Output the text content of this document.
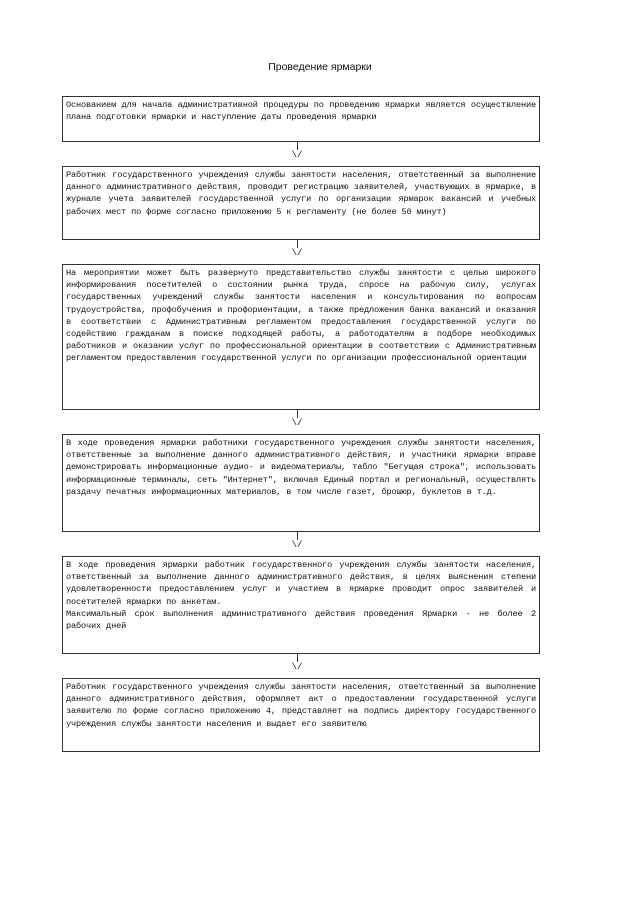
Проведение ярмарки
Основанием для начала административной процедуры по проведению ярмарки является осуществление плана подготовки ярмарки и наступление даты проведения ярмарки
\/
Работник государственного учреждения службы занятости населения, ответственный за выполнение данного административного действия, проводит регистрацию заявителей, участвующих в ярмарке, в журнале учета заявителей государственной услуги по организации ярмарок вакансий и учебных рабочих мест по форме согласно приложению 5 к регламенту (не более 50 минут)
\/
На мероприятии может быть развернуто представительство службы занятости с целью широкого информирования посетителей о состоянии рынка труда, спросе на рабочую силу, услугах государственных учреждений службы занятости населения и консультирования по вопросам трудоустройства, профобучения и профориентации, а также предложения банка вакансий и оказания в соответствии с Административным регламентом предоставления государственной услуги по содействию гражданам в поиске подходящей работы, а работодателям в подборе необходимых работников и оказании услуг по профессиональной ориентации в соответствии с Административным регламентом предоставления государственной услуги по организации профессиональной ориентации
\/
В ходе проведения ярмарки работники государственного учреждения службы занятости населения, ответственные за выполнение данного административного действия, и участники ярмарки вправе демонстрировать информационные аудио- и видеоматериалы, табло "Бегущая строка", использовать информационные терминалы, сеть "Интернет", включая Единый портал и региональный, осуществлять раздачу печатных информационных материалов, в том числе газет, брошюр, буклетов в т.д.
\/
В ходе проведения ярмарки работник государственного учреждения службы занятости населения, ответственный за выполнение данного административного действия, в целях выяснения степени удовлетворенности предоставлением услуг и участием в ярмарке проводит опрос заявителей и посетителей ярмарки по анкетам.
Максимальный срок выполнения административного действия проведения Ярмарки - не более 2 рабочих дней
\/
Работник государственного учреждения службы занятости населения, ответственный за выполнение данного административного действия, оформляет акт о предоставлении государственной услуги заявителю по форме согласно приложению 4, представляет на подпись директору государственного учреждения службы занятости населения и выдает его заявителю
